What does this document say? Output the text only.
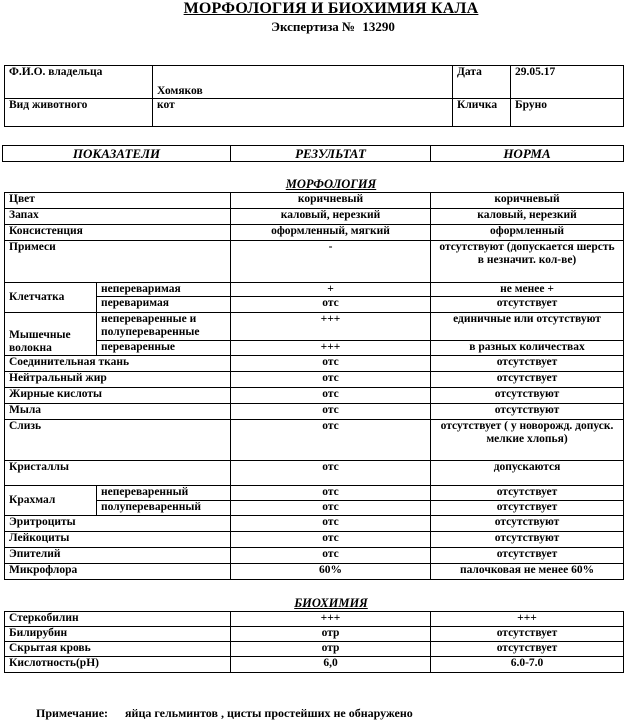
МОРФОЛОГИЯ И БИОХИМИЯ КАЛА
Экспертиза № 13290
Ф.И.О. владельца	Хомяков	Дата	29.05.17
Вид животного	кот	Кличка	Бруно
ПОКАЗАТЕЛИ	РЕЗУЛЬТАТ	НОРМА
МОРФОЛОГИЯ
Цвет		коричневый	коричневый
Запах		каловый, нерезкий	каловый, нерезкий
Консистенция		оформленный, мягкий	оформленный
Примеси		-	отсутствуют (допускается шерсть в незначит. кол-ве)
Клетчатка	непереваримая	+	не менее +
	переваримая	отс	отсутствует
Мышечные волокна	непереваренные и полупереваренные	+++	единичные или отсутствуют
	переваренные	+++	в разных количествах
Соединительная ткань		отс	отсутствует
Нейтральный жир		отс	отсутствует
Жирные кислоты		отс	отсутствуют
Мыла		отс	отсутствуют
Слизь		отс	отсутствует ( у новорожд. допуск. мелкие хлопья)
Кристаллы		отс	допускаются
Крахмал	непереваренный	отс	отсутствует
	полупереваренный	отс	отсутствует
Эритроциты		отс	отсутствуют
Лейкоциты		отс	отсутствуют
Эпителий		отс	отсутствует
Микрофлора		60%	палочковая не менее 60%
БИОХИМИЯ
Стеркобилин	+++	+++
Билирубин	отр	отсутствует
Скрытая кровь	отр	отсутствует
Кислотность(рН)	6,0	6.0-7.0
Примечание: яйца гельминтов , цисты простейших не обнаружено
